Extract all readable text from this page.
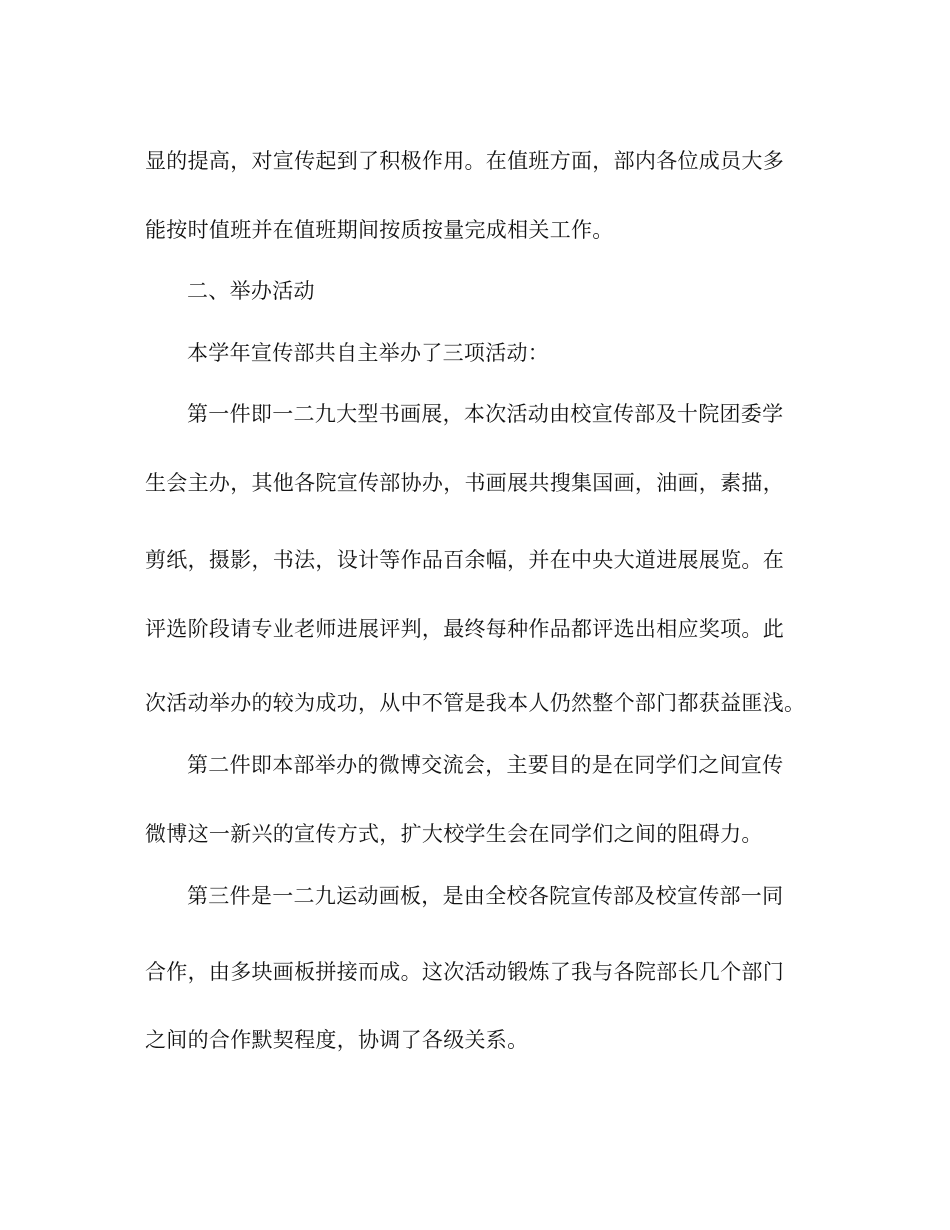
显的提高，对宣传起到了积极作用。在值班方面，部内各位成员大多
能按时值班并在值班期间按质按量完成相关工作。
二、举办活动
本学年宣传部共自主举办了三项活动：
第一件即一二九大型书画展，本次活动由校宣传部及十院团委学
生会主办，其他各院宣传部协办，书画展共搜集国画，油画，素描，
剪纸，摄影，书法，设计等作品百余幅，并在中央大道进展展览。在
评选阶段请专业老师进展评判，最终每种作品都评选出相应奖项。此
次活动举办的较为成功，从中不管是我本人仍然整个部门都获益匪浅。
第二件即本部举办的微博交流会，主要目的是在同学们之间宣传
微博这一新兴的宣传方式，扩大校学生会在同学们之间的阻碍力。
第三件是一二九运动画板，是由全校各院宣传部及校宣传部一同
合作，由多块画板拼接而成。这次活动锻炼了我与各院部长几个部门
之间的合作默契程度，协调了各级关系。
